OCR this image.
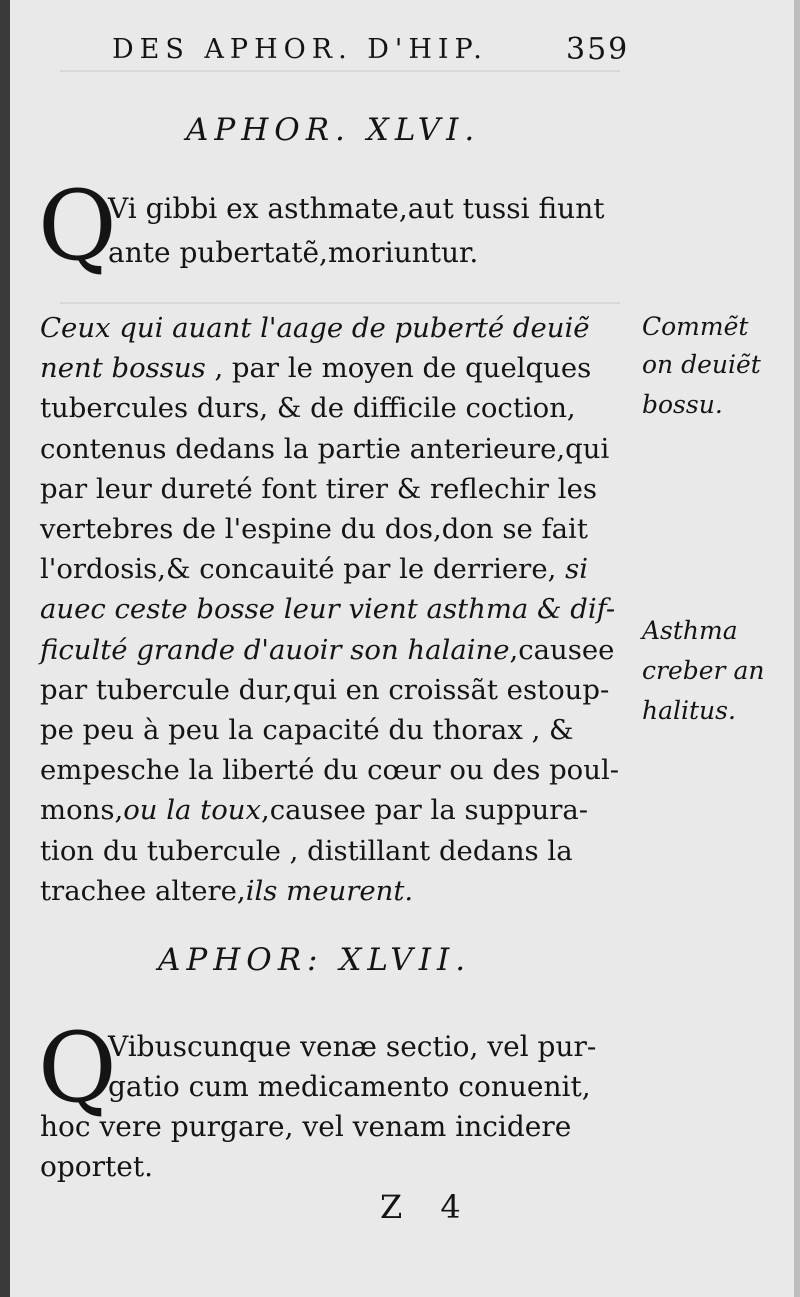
DES APHOR. D'HIP.	359
APHOR. XLVI.
Q
Vi gibbi ex asthmate,aut tussi fiunt
ante pubertatẽ,moriuntur.
Ceux qui auant l'aage de puberté deuiẽ
nent bossus , par le moyen de quelques
tubercules durs, & de difficile coction,
contenus dedans la partie anterieure,qui
par leur dureté font tirer & reflechir les
vertebres de l'espine du dos,don se fait
l'ordosis,& concauité par le derriere, si
auec ceste bosse leur vient asthma & dif-
ficulté grande d'auoir son halaine,causee
par tubercule dur,qui en croissãt estoup-
pe peu à peu la capacité du thorax , &
empesche la liberté du cœur ou des poul-
mons,ou la toux,causee par la suppura-
tion du tubercule , distillant dedans la
trachee altere,ils meurent.
Commẽt
on deuiẽt
bossu.
Asthma
creber an
halitus.
APHOR: XLVII.
Q
Vibuscunque venæ sectio, vel pur-
gatio cum medicamento conuenit,
hoc vere purgare, vel venam incidere
oportet.
Z 4
